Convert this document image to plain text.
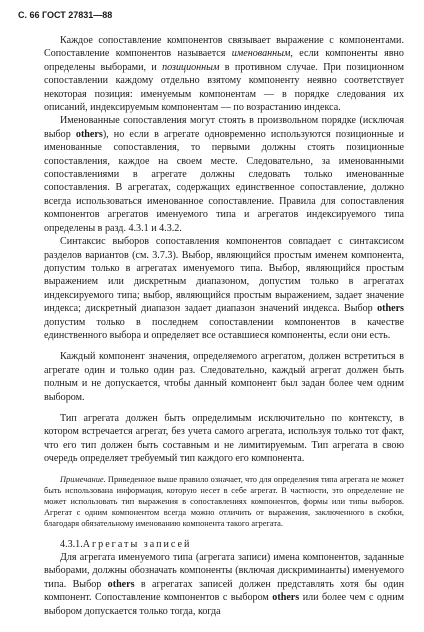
С. 66 ГОСТ 27831—88

Каждое сопоставление компонентов связывает выражение с компонентами. Сопоставление компонентов называется именованным, если компоненты явно определены выборами, и позиционным в противном случае. При позиционном сопоставлении каждому отдельно взятому компоненту неявно соответствует некоторая позиция: именуемым компонентам — в порядке следования их описаний, индексируемым компонентам — по возрастанию индекса.

Именованные сопоставления могут стоять в произвольном порядке (исключая выбор others), но если в агрегате одновременно используются позиционные и именованные сопоставления, то первыми должны стоять позиционные сопоставления, каждое на своем месте. Следовательно, за именованными сопоставлениями в агрегате должны следовать только именованные сопоставления. В агрегатах, содержащих единственное сопоставление, должно всегда использоваться именованное сопоставление. Правила для сопоставления компонентов агрегатов именуемого типа и агрегатов индексируемого типа определены в разд. 4.3.1 и 4.3.2.

Синтаксис выборов сопоставления компонентов совпадает с синтаксисом разделов вариантов (см. 3.7.3). Выбор, являющийся простым именем компонента, допустим только в агрегатах именуемого типа. Выбор, являющийся простым выражением или дискретным диапазоном, допустим только в агрегатах индексируемого типа; выбор, являющийся простым выражением, задает значение индекса; дискретный диапазон задает диапазон значений индекса. Выбор others допустим только в последнем сопоставлении компонентов в качестве единственного выбора и определяет все оставшиеся компоненты, если они есть.

Каждый компонент значения, определяемого агрегатом, должен встретиться в агрегате один и только один раз. Следовательно, каждый агрегат должен быть полным и не допускается, чтобы данный компонент был задан более чем одним выбором.

Тип агрегата должен быть определимым исключительно по контексту, в котором встречается агрегат, без учета самого агрегата, используя только тот факт, что его тип должен быть составным и не лимитируемым. Тип агрегата в свою очередь определяет требуемый тип каждого его компонента.

Примечание. Приведенное выше правило означает, что для определения типа агрегата не может быть использована информация, которую несет в себе агрегат. В частности, это определение не может использовать тип выражения в сопоставлениях компонентов, формы или типы выборов. Агрегат с одним компонентом всегда можно отличить от выражения, заключенного в скобки, благодаря обязательному именованию компонента такого агрегата.

4.3.1.Агрегаты записей

Для агрегата именуемого типа (агрегата записи) имена компонентов, заданные выборами, должны обозначать компоненты (включая дискриминанты) именуемого типа. Выбор others в агрегатах записей должен представлять хотя бы один компонент. Сопоставление компонентов с выбором others или более чем с одним выбором допускается только тогда, когда
